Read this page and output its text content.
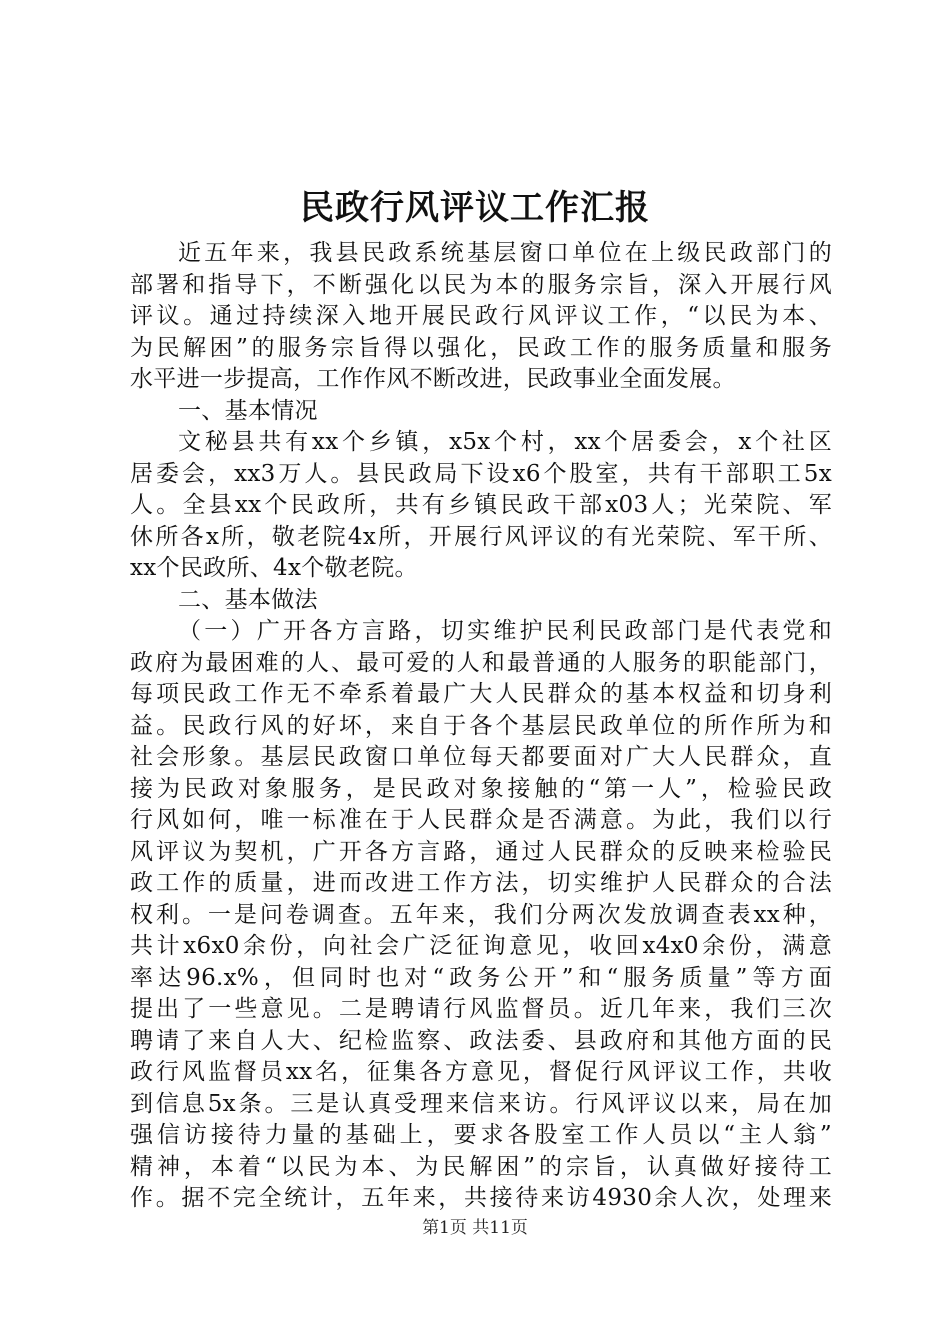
民政行风评议工作汇报
近五年来，我县民政系统基层窗口单位在上级民政部门的
部署和指导下，不断强化以民为本的服务宗旨，深入开展行风
评议。通过持续深入地开展民政行风评议工作，“以民为本、
为民解困”的服务宗旨得以强化，民政工作的服务质量和服务
水平进一步提高，工作作风不断改进，民政事业全面发展。
一、基本情况
文秘县共有xx个乡镇，x5x个村，xx个居委会，x个社区
居委会，xx3万人。县民政局下设x6个股室，共有干部职工5x
人。全县xx个民政所，共有乡镇民政干部x03人；光荣院、军
休所各x所，敬老院4x所，开展行风评议的有光荣院、军干所、
xx个民政所、4x个敬老院。
二、基本做法
（一）广开各方言路，切实维护民利民政部门是代表党和
政府为最困难的人、最可爱的人和最普通的人服务的职能部门，
每项民政工作无不牵系着最广大人民群众的基本权益和切身利
益。民政行风的好坏，来自于各个基层民政单位的所作所为和
社会形象。基层民政窗口单位每天都要面对广大人民群众，直
接为民政对象服务，是民政对象接触的“第一人”，检验民政
行风如何，唯一标准在于人民群众是否满意。为此，我们以行
风评议为契机，广开各方言路，通过人民群众的反映来检验民
政工作的质量，进而改进工作方法，切实维护人民群众的合法
权利。一是问卷调查。五年来，我们分两次发放调查表xx种，
共计x6x0余份，向社会广泛征询意见，收回x4x0余份，满意
率达96.x%，但同时也对“政务公开”和“服务质量”等方面
提出了一些意见。二是聘请行风监督员。近几年来，我们三次
聘请了来自人大、纪检监察、政法委、县政府和其他方面的民
政行风监督员xx名，征集各方意见，督促行风评议工作，共收
到信息5x条。三是认真受理来信来访。行风评议以来，局在加
强信访接待力量的基础上，要求各股室工作人员以“主人翁”
精神，本着“以民为本、为民解困”的宗旨，认真做好接待工
作。据不完全统计，五年来，共接待来访4930余人次，处理来
第1页 共11页
